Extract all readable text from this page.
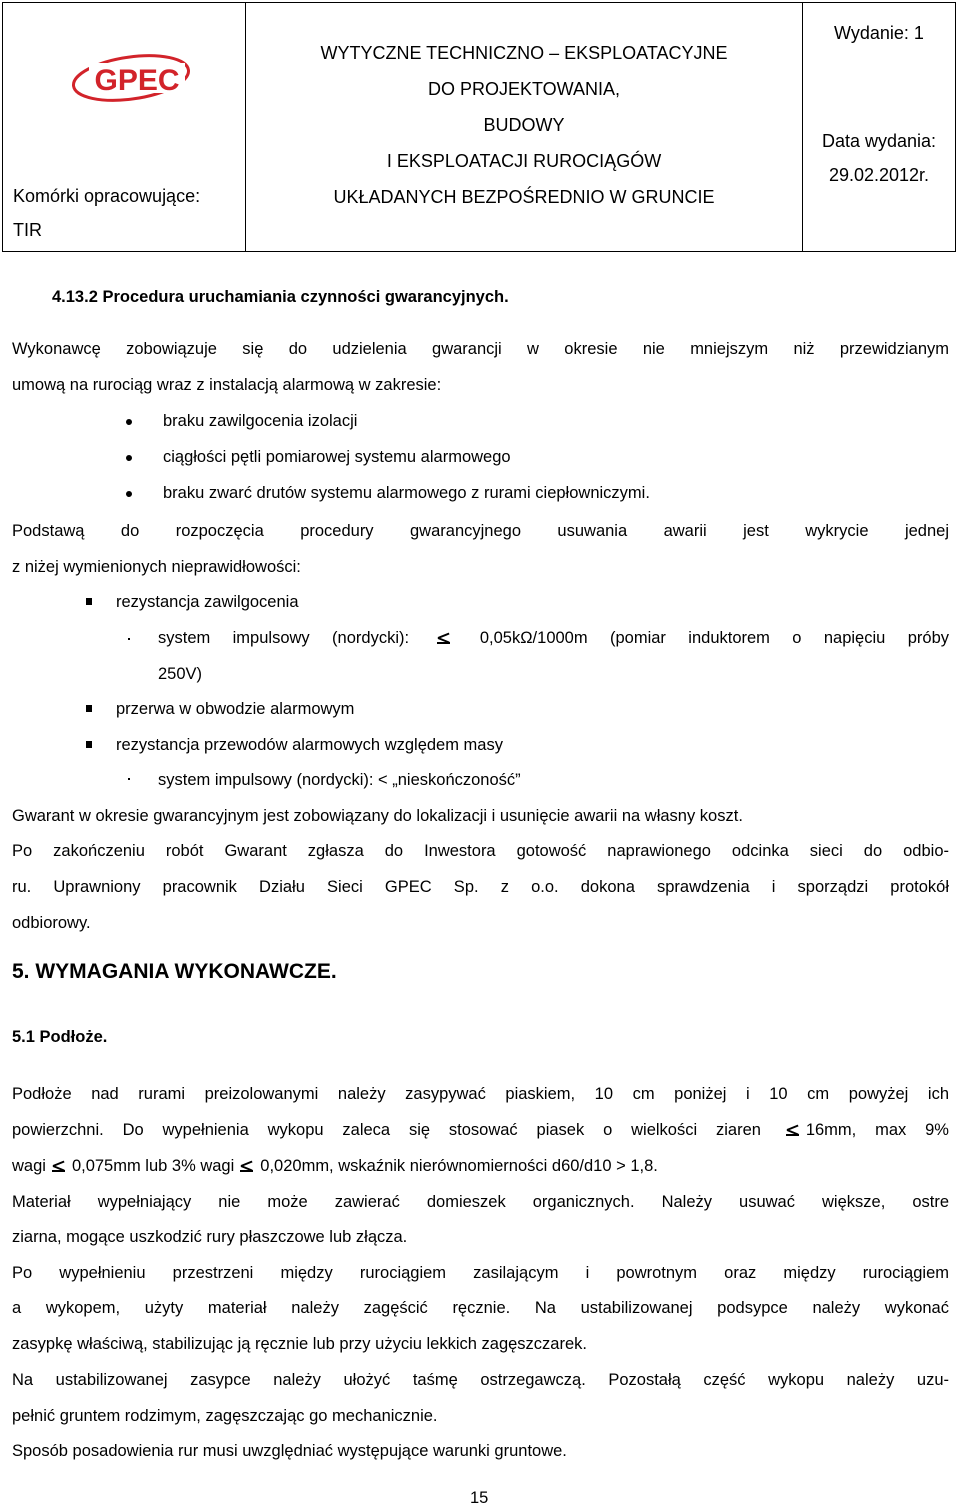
GPEC
Komórki opracowujące:
TIR

WYTYCZNE TECHNICZNO – EKSPLOATACYJNE
DO PROJEKTOWANIA,
BUDOWY
I EKSPLOATACJI RUROCIĄGÓW
UKŁADANYCH BEZPOŚREDNIO W GRUNCIE

Wydanie: 1
Data wydania:
29.02.2012r.
4.13.2 Procedura uruchamiania czynności gwarancyjnych.
Wykonawcę zobowiązuje się do udzielenia gwarancji w okresie nie mniejszym niż przewidzianym
umową na rurociąg wraz z instalacją alarmową w zakresie:
braku zawilgocenia izolacji
ciągłości pętli pomiarowej systemu alarmowego
braku zwarć drutów systemu alarmowego z rurami ciepłowniczymi.
Podstawą do rozpoczęcia procedury gwarancyjnego usuwania awarii jest wykrycie jednej
z niżej wymienionych nieprawidłowości:
rezystancja zawilgocenia
system impulsowy (nordycki):	0,05kΩ/1000m (pomiar induktorem o napięciu próby
250V)
przerwa w obwodzie alarmowym
rezystancja przewodów alarmowych względem masy
system impulsowy (nordycki): < „nieskończoność”
Gwarant w okresie gwarancyjnym jest zobowiązany do lokalizacji i usunięcie awarii na własny koszt.
Po zakończeniu robót Gwarant zgłasza do Inwestora gotowość naprawionego odcinka sieci do odbio-
ru. Uprawniony pracownik Działu Sieci GPEC Sp. z o.o. dokona sprawdzenia i sporządzi protokół
odbiorowy.
5. WYMAGANIA WYKONAWCZE.
5.1 Podłoże.
Podłoże nad rurami preizolowanymi należy zasypywać piaskiem, 10 cm poniżej i 10 cm powyżej ich
powierzchni. Do wypełnienia wykopu zaleca się stosować piasek o wielkości ziaren	16mm, max 9%
wagi 0,075mm lub 3% wagi 0,020mm, wskaźnik nierównomierności d60/d10 > 1,8.
Materiał wypełniający nie może zawierać domieszek organicznych. Należy usuwać większe, ostre
ziarna, mogące uszkodzić rury płaszczowe lub złącza.
Po wypełnieniu przestrzeni między rurociągiem zasilającym i powrotnym oraz między rurociągiem
a wykopem, użyty materiał należy zagęścić ręcznie. Na ustabilizowanej podsypce należy wykonać
zasypkę właściwą, stabilizując ją ręcznie lub przy użyciu lekkich zagęszczarek.
Na ustabilizowanej zasypce należy ułożyć taśmę ostrzegawczą. Pozostałą część wykopu należy uzu-
pełnić gruntem rodzimym, zagęszczając go mechanicznie.
Sposób posadowienia rur musi uwzględniać występujące warunki gruntowe.
15
